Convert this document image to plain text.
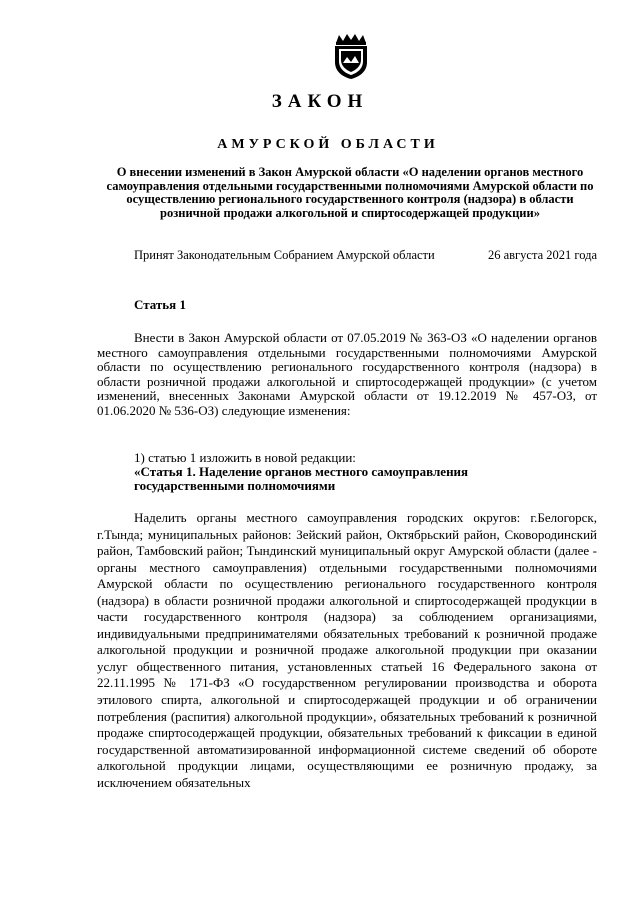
ЗАКОН
АМУРСКОЙ ОБЛАСТИ
О внесении изменений в Закон Амурской области «О наделении органов местного самоуправления отдельными государственными полномочиями Амурской области по осуществлению регионального государственного контроля (надзора) в области розничной продажи алкогольной и спиртосодержащей продукции»
Принят Законодательным Собранием Амурской области	26 августа 2021 года
Статья 1
Внести в Закон Амурской области от 07.05.2019 № 363-ОЗ «О наделении органов местного самоуправления отдельными государственными полномочиями Амурской области по осуществлению регионального государственного контроля (надзора) в области розничной продажи алкогольной и спиртосодержащей продукции» (с учетом изменений, внесенных Законами Амурской области от 19.12.2019 № 457-ОЗ, от 01.06.2020 № 536-ОЗ) следующие изменения:
1) статью 1 изложить в новой редакции:
«Статья 1. Наделение органов местного самоуправления
государственными полномочиями
Наделить органы местного самоуправления городских округов: г.Белогорск, г.Тында; муниципальных районов: Зейский район, Октябрьский район, Сковородинский район, Тамбовский район; Тындинский муниципальный округ Амурской области (далее - органы местного самоуправления) отдельными государственными полномочиями Амурской области по осуществлению регионального государственного контроля (надзора) в области розничной продажи алкогольной и спиртосодержащей продукции в части государственного контроля (надзора) за соблюдением организациями, индивидуальными предпринимателями обязательных требований к розничной продаже алкогольной продукции и розничной продаже алкогольной продукции при оказании услуг общественного питания, установленных статьей 16 Федерального закона от 22.11.1995 № 171-ФЗ «О государственном регулировании производства и оборота этилового спирта, алкогольной и спиртосодержащей продукции и об ограничении потребления (распития) алкогольной продукции», обязательных требований к розничной продаже спиртосодержащей продукции, обязательных требований к фиксации в единой государственной автоматизированной информационной системе сведений об обороте алкогольной продукции лицами, осуществляющими ее розничную продажу, за исключением обязательных
